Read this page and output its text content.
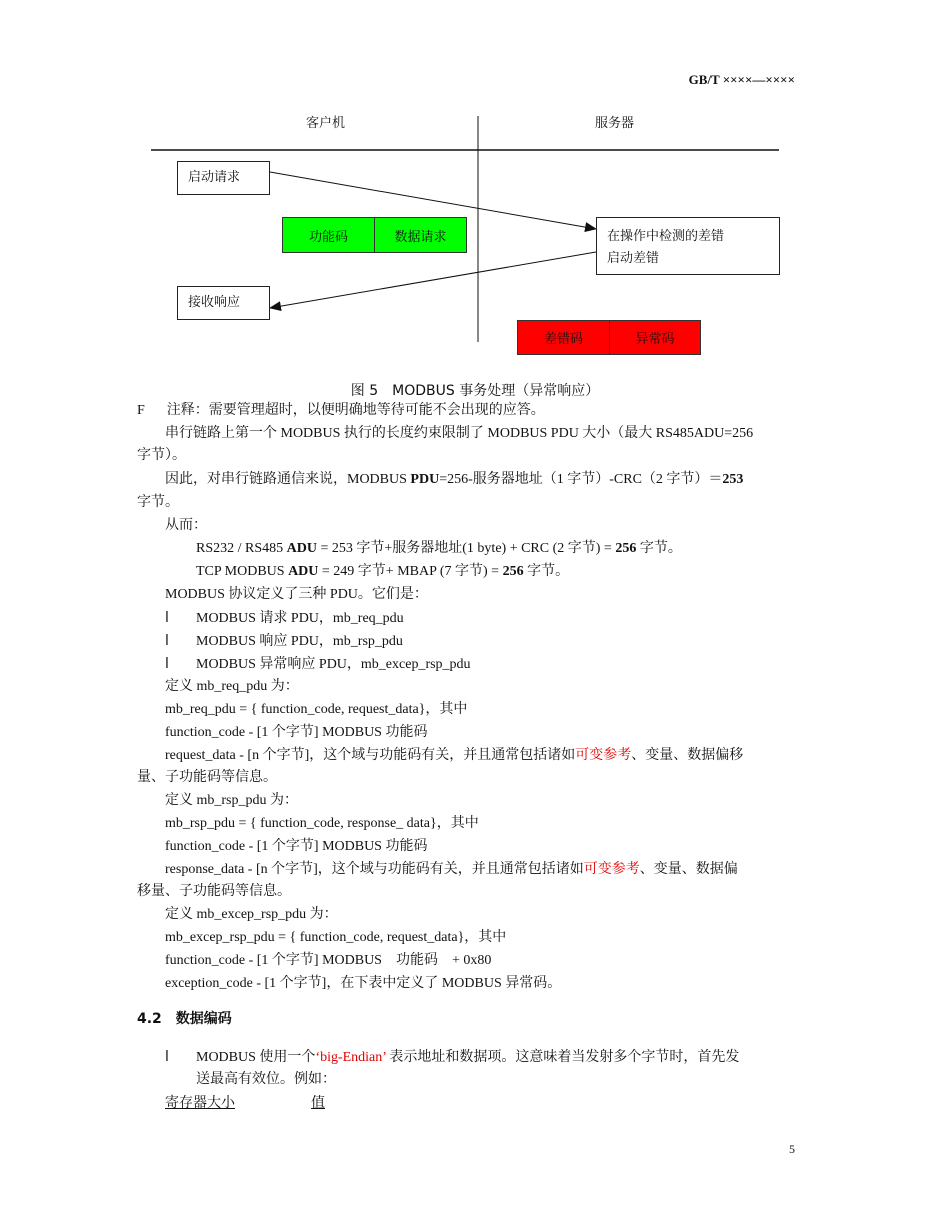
GB/T ××××—××××
客户机	服务器
启动请求
功能码	数据请求	在操作中检测的差错
启动差错
接收响应
差错码	异常码
图 5　MODBUS 事务处理（异常响应）
F 注释：需要管理超时，以便明确地等待可能不会出现的应答。
串行链路上第一个 MODBUS 执行的长度约束限制了 MODBUS PDU 大小（最大 RS485ADU=256
字节）。
因此，对串行链路通信来说，MODBUS PDU=256-服务器地址（1 字节）-CRC（2 字节）＝253
字节。
从而：
RS232 / RS485 ADU = 253 字节+服务器地址(1 byte) + CRC (2 字节) = 256 字节。
TCP MODBUS ADU = 249 字节+ MBAP (7 字节) = 256 字节。
MODBUS 协议定义了三种 PDU。它们是：
l MODBUS 请求 PDU，mb_req_pdu
l MODBUS 响应 PDU，mb_rsp_pdu
l MODBUS 异常响应 PDU，mb_excep_rsp_pdu
定义 mb_req_pdu 为：
mb_req_pdu = { function_code, request_data}，其中
function_code - [1 个字节] MODBUS 功能码
request_data - [n 个字节]，这个域与功能码有关，并且通常包括诸如可变参考、变量、数据偏移
量、子功能码等信息。
定义 mb_rsp_pdu 为：
mb_rsp_pdu = { function_code, response_ data}，其中
function_code - [1 个字节] MODBUS 功能码
response_data - [n 个字节]，这个域与功能码有关，并且通常包括诸如可变参考、变量、数据偏
移量、子功能码等信息。
定义 mb_excep_rsp_pdu 为：
mb_excep_rsp_pdu = { function_code, request_data}，其中
function_code - [1 个字节] MODBUS　功能码　+ 0x80
exception_code - [1 个字节]，在下表中定义了 MODBUS 异常码。
4.2　数据编码
l MODBUS 使用一个‘big-Endian’ 表示地址和数据项。这意味着当发射多个字节时，首先发
送最高有效位。例如：
寄存器大小	值
5
